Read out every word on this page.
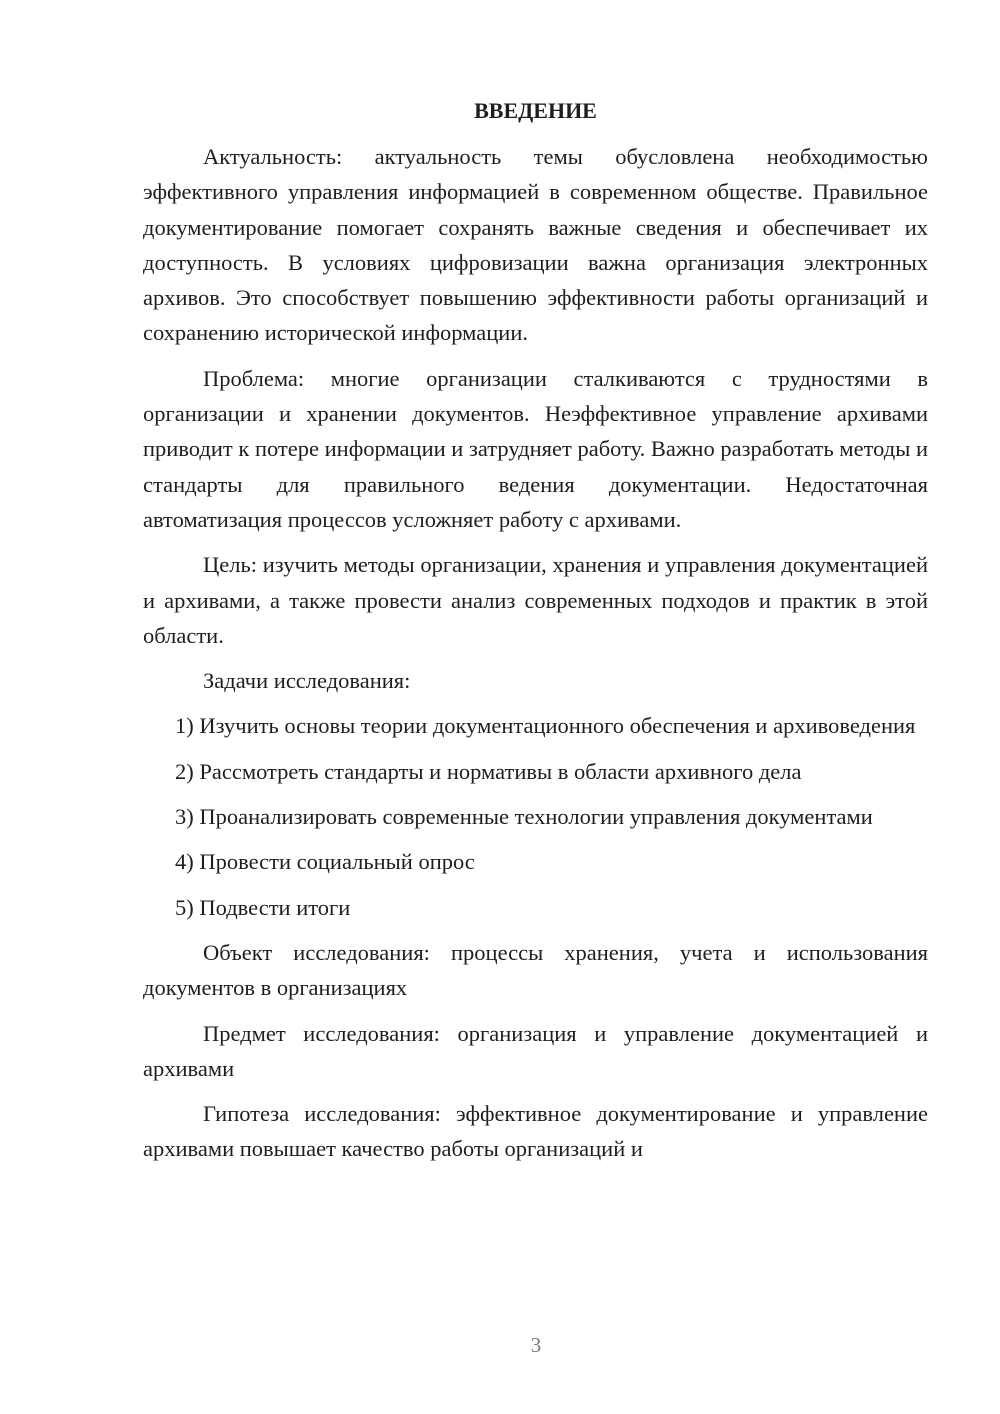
ВВЕДЕНИЕ

Актуальность: актуальность темы обусловлена необходимостью эффективного управления информацией в современном обществе. Правильное документирование помогает сохранять важные сведения и обеспечивает их доступность. В условиях цифровизации важна организация электронных архивов. Это способствует повышению эффективности работы организаций и сохранению исторической информации.

Проблема: многие организации сталкиваются с трудностями в организации и хранении документов. Неэффективное управление архивами приводит к потере информации и затрудняет работу. Важно разработать методы и стандарты для правильного ведения документации. Недостаточная автоматизация процессов усложняет работу с архивами.

Цель: изучить методы организации, хранения и управления документацией и архивами, а также провести анализ современных подходов и практик в этой области.

Задачи исследования:

1) Изучить основы теории документационного обеспечения и архивоведения

2) Рассмотреть стандарты и нормативы в области архивного дела

3) Проанализировать современные технологии управления документами

4) Провести социальный опрос

5) Подвести итоги

Объект исследования: процессы хранения, учета и использования документов в организациях

Предмет исследования: организация и управление документацией и архивами

Гипотеза исследования: эффективное документирование и управление архивами повышает качество работы организаций и

3
